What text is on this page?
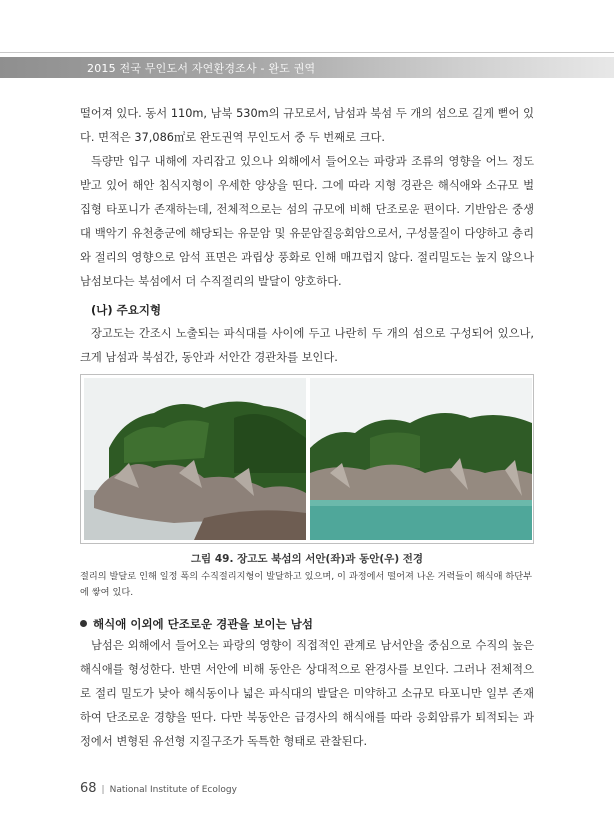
2015 전국 무인도서 자연환경조사 - 완도 권역

떨어져 있다. 동서 110m, 남북 530m의 규모로서, 남섬과 북섬 두 개의 섬으로 길게 뻗어 있다. 면적은 37,086㎡로 완도권역 무인도서 중 두 번째로 크다.

득량만 입구 내해에 자리잡고 있으나 외해에서 들어오는 파랑과 조류의 영향을 어느 정도 받고 있어 해안 침식지형이 우세한 양상을 띤다. 그에 따라 지형 경관은 해식애와 소규모 벌집형 타포니가 존재하는데, 전체적으로는 섬의 규모에 비해 단조로운 편이다. 기반암은 중생대 백악기 유천층군에 해당되는 유문암 및 유문암질응회암으로서, 구성물질이 다양하고 층리와 절리의 영향으로 암석 표면은 과립상 풍화로 인해 매끄럽지 않다. 절리밀도는 높지 않으나 남섬보다는 북섬에서 더 수직절리의 발달이 양호하다.

(나) 주요지형

장고도는 간조시 노출되는 파식대를 사이에 두고 나란히 두 개의 섬으로 구성되어 있으나, 크게 남섬과 북섬간, 동안과 서안간 경관차를 보인다.

그림 49. 장고도 북섬의 서안(좌)과 동안(우) 전경
절리의 발달로 인해 일정 폭의 수직절리지형이 발달하고 있으며, 이 과정에서 떨어져 나온 거력들이 해식애 하단부에 쌓여 있다.
해식애 이외에 단조로운 경관을 보이는 남섬

남섬은 외해에서 들어오는 파랑의 영향이 직접적인 관계로 남서안을 중심으로 수직의 높은 해식애를 형성한다. 반면 서안에 비해 동안은 상대적으로 완경사를 보인다. 그러나 전체적으로 절리 밀도가 낮아 해식동이나 넓은 파식대의 발달은 미약하고 소규모 타포니만 일부 존재하여 단조로운 경향을 띤다. 다만 북동안은 급경사의 해식애를 따라 응회암류가 퇴적되는 과정에서 변형된 유선형 지질구조가 독특한 형태로 관찰된다.

68 | National Institute of Ecology
